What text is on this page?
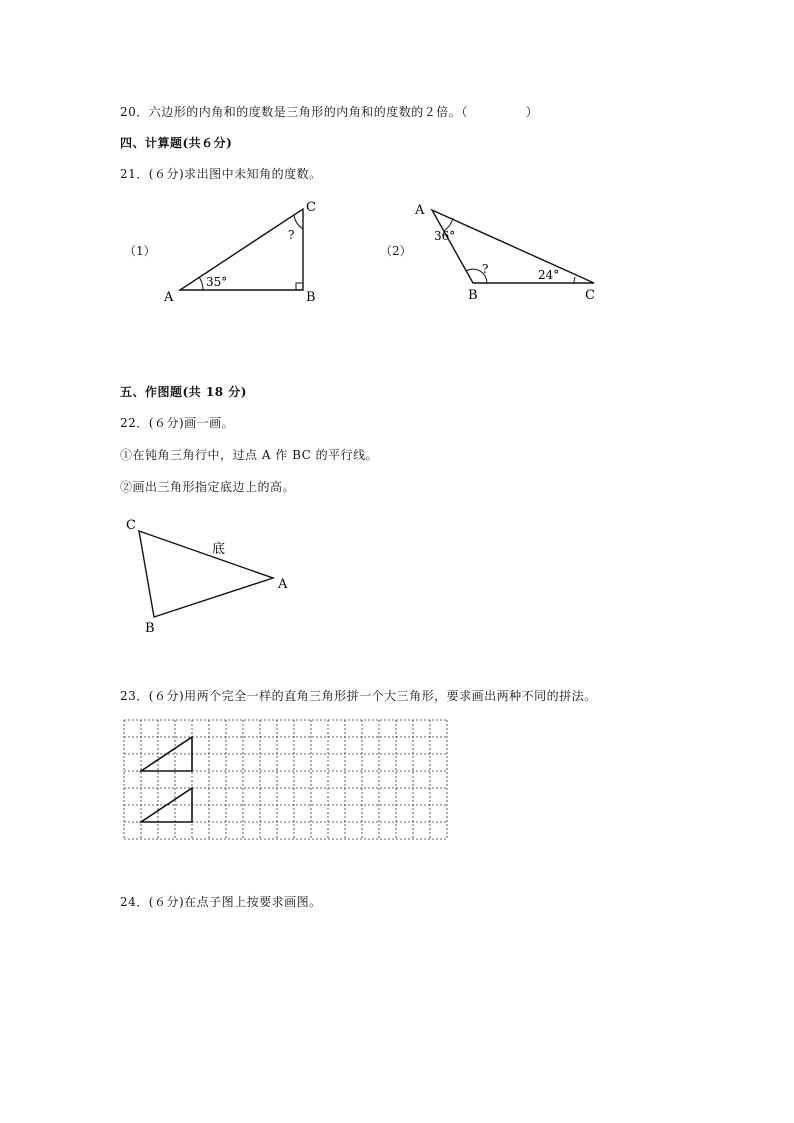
20．六边形的内角和的度数是三角形的内角和的度数的２倍。（	）
四、计算题(共６分)
21．(６分)求出图中未知角的度数。
（1）
A	B
C
35°
?
（2）
A
B	C
36°
24°
?
五、作图题(共 18 分)
22．(６分)画一画。
①在钝角三角行中，过点 A 作 BC 的平行线。
②画出三角形指定底边上的高。
C
A
B
底
23．(６分)用两个完全一样的直角三角形拼一个大三角形，要求画出两种不同的拼法。
24．(６分)在点子图上按要求画图。
